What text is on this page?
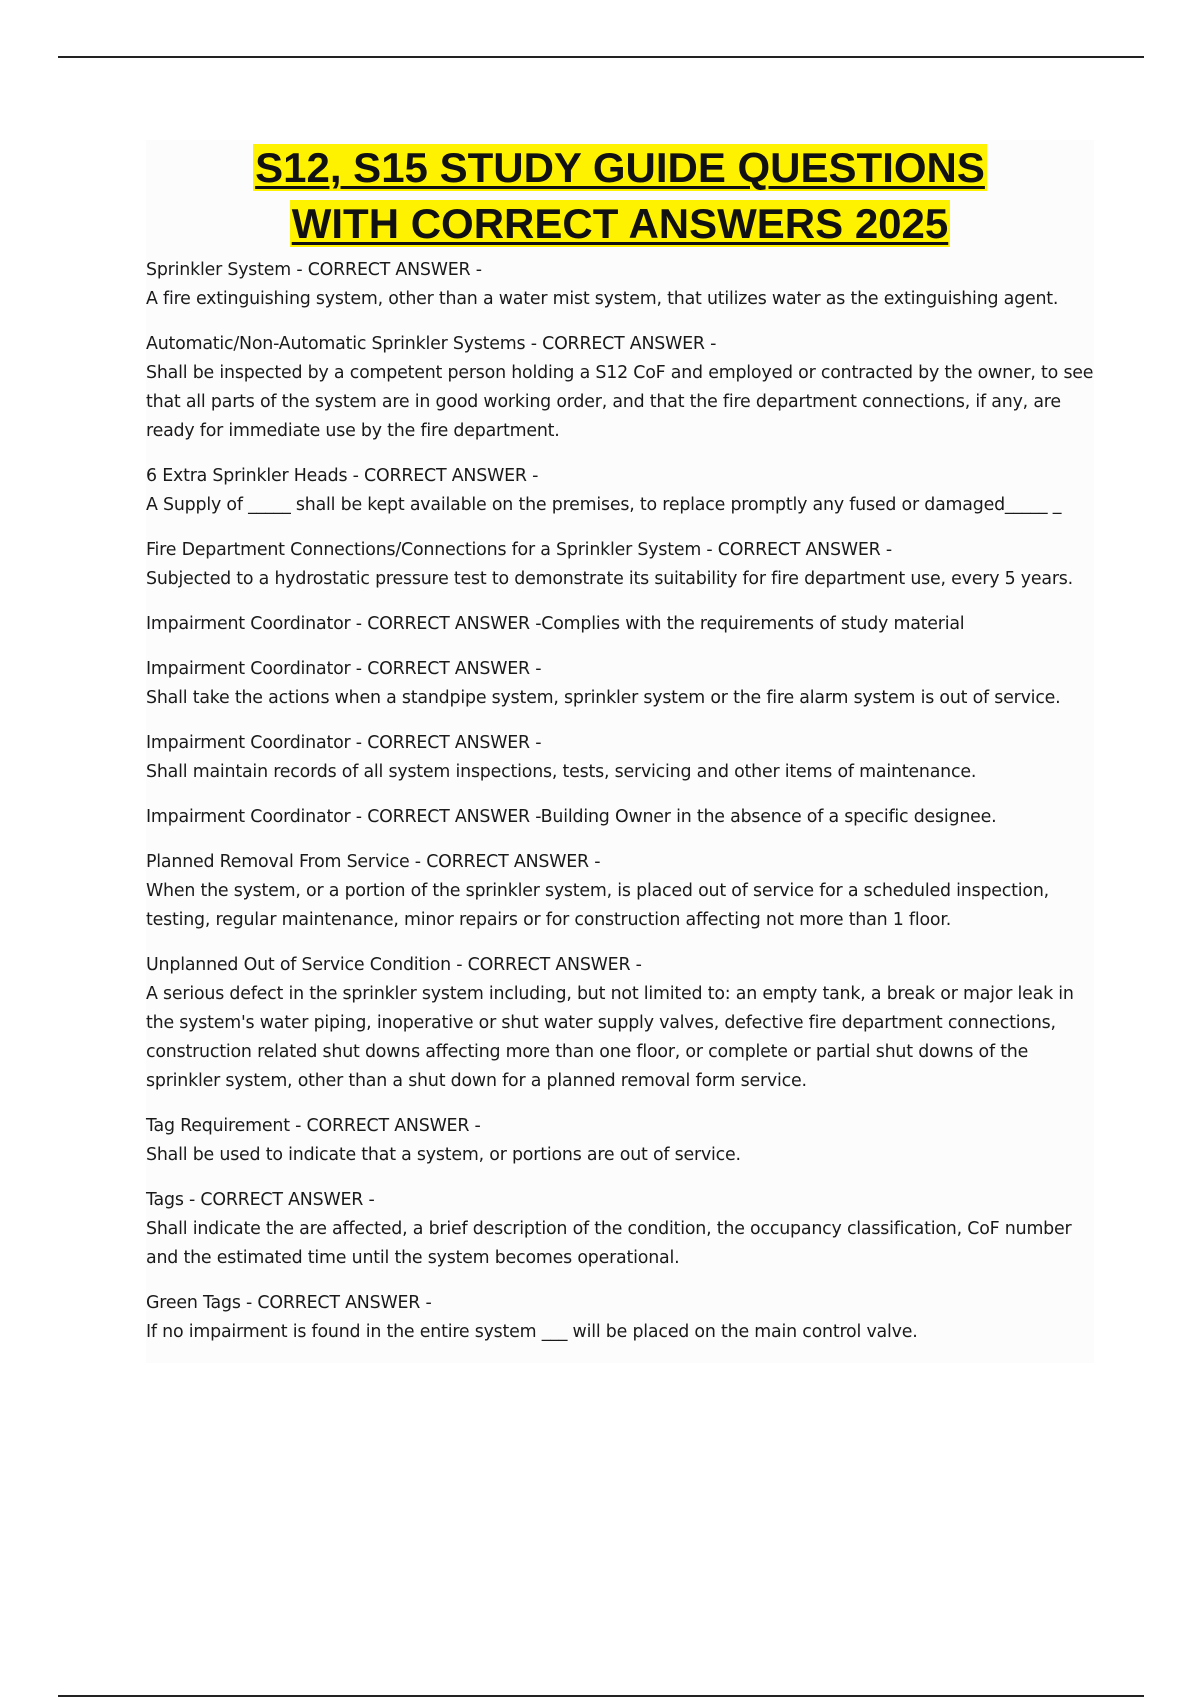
S12, S15 STUDY GUIDE QUESTIONS
WITH CORRECT ANSWERS 2025
Sprinkler System - CORRECT ANSWER -
A fire extinguishing system, other than a water mist system, that utilizes water as the extinguishing agent.
Automatic/Non-Automatic Sprinkler Systems - CORRECT ANSWER -
Shall be inspected by a competent person holding a S12 CoF and employed or contracted by the owner, to see that all parts of the system are in good working order, and that the fire department connections, if any, are ready for immediate use by the fire department.
6 Extra Sprinkler Heads - CORRECT ANSWER -
A Supply of _____ shall be kept available on the premises, to replace promptly any fused or damaged_____ _
Fire Department Connections/Connections for a Sprinkler System - CORRECT ANSWER -
Subjected to a hydrostatic pressure test to demonstrate its suitability for fire department use, every 5 years.
Impairment Coordinator - CORRECT ANSWER -Complies with the requirements of study material
Impairment Coordinator - CORRECT ANSWER -
Shall take the actions when a standpipe system, sprinkler system or the fire alarm system is out of service.
Impairment Coordinator - CORRECT ANSWER -
Shall maintain records of all system inspections, tests, servicing and other items of maintenance.
Impairment Coordinator - CORRECT ANSWER -Building Owner in the absence of a specific designee.
Planned Removal From Service - CORRECT ANSWER -
When the system, or a portion of the sprinkler system, is placed out of service for a scheduled inspection, testing, regular maintenance, minor repairs or for construction affecting not more than 1 floor.
Unplanned Out of Service Condition - CORRECT ANSWER -
A serious defect in the sprinkler system including, but not limited to: an empty tank, a break or major leak in the system's water piping, inoperative or shut water supply valves, defective fire department connections, construction related shut downs affecting more than one floor, or complete or partial shut downs of the sprinkler system, other than a shut down for a planned removal form service.
Tag Requirement - CORRECT ANSWER -
Shall be used to indicate that a system, or portions are out of service.
Tags - CORRECT ANSWER -
Shall indicate the are affected, a brief description of the condition, the occupancy classification, CoF number and the estimated time until the system becomes operational.
Green Tags - CORRECT ANSWER -
If no impairment is found in the entire system ___ will be placed on the main control valve.
